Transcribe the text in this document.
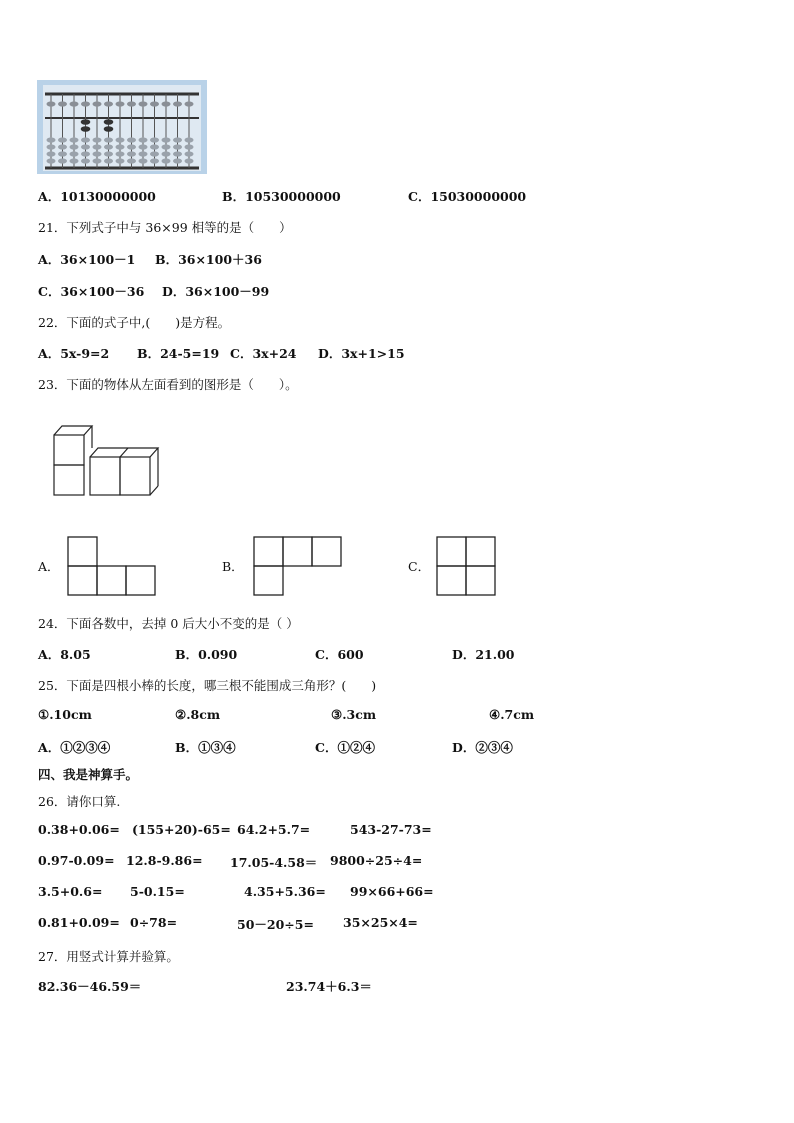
A．10130000000	B．10530000000	C．15030000000
21．下列式子中与 36×99 相等的是（　　）
A．36×100－1 B．36×100＋36
C．36×100－36 D．36×100－99
22．下面的式子中,(　　)是方程。
A．5x-9=2 B．24-5=19 C．3x+24 D．3x+1>15
23．下面的物体从左面看到的图形是（　　）。
A．	B．	C．
24．下面各数中，去掉 0 后大小不变的是（ ）
A．8.05	B．0.090	C．600	D．21.00
25．下面是四根小棒的长度，哪三根不能围成三角形？(　　)
①.10cm	②.8cm	③.3cm	④.7cm
A．①②③④	B．①③④	C．①②④	D．②③④
四、我是神算手。
26．请你口算.
0.38+0.06= (155+20)-65= 64.2+5.7=	543-27-73=
0.97-0.09= 12.8-9.86= 17.05-4.58＝ 9800÷25÷4=
3.5+0.6= 5-0.15=	4.35+5.36= 99×66+66=
0.81+0.09= 0÷78=	50－20÷5= 35×25×4=
27．用竖式计算并验算。
82.36－46.59＝	23.74＋6.3＝
